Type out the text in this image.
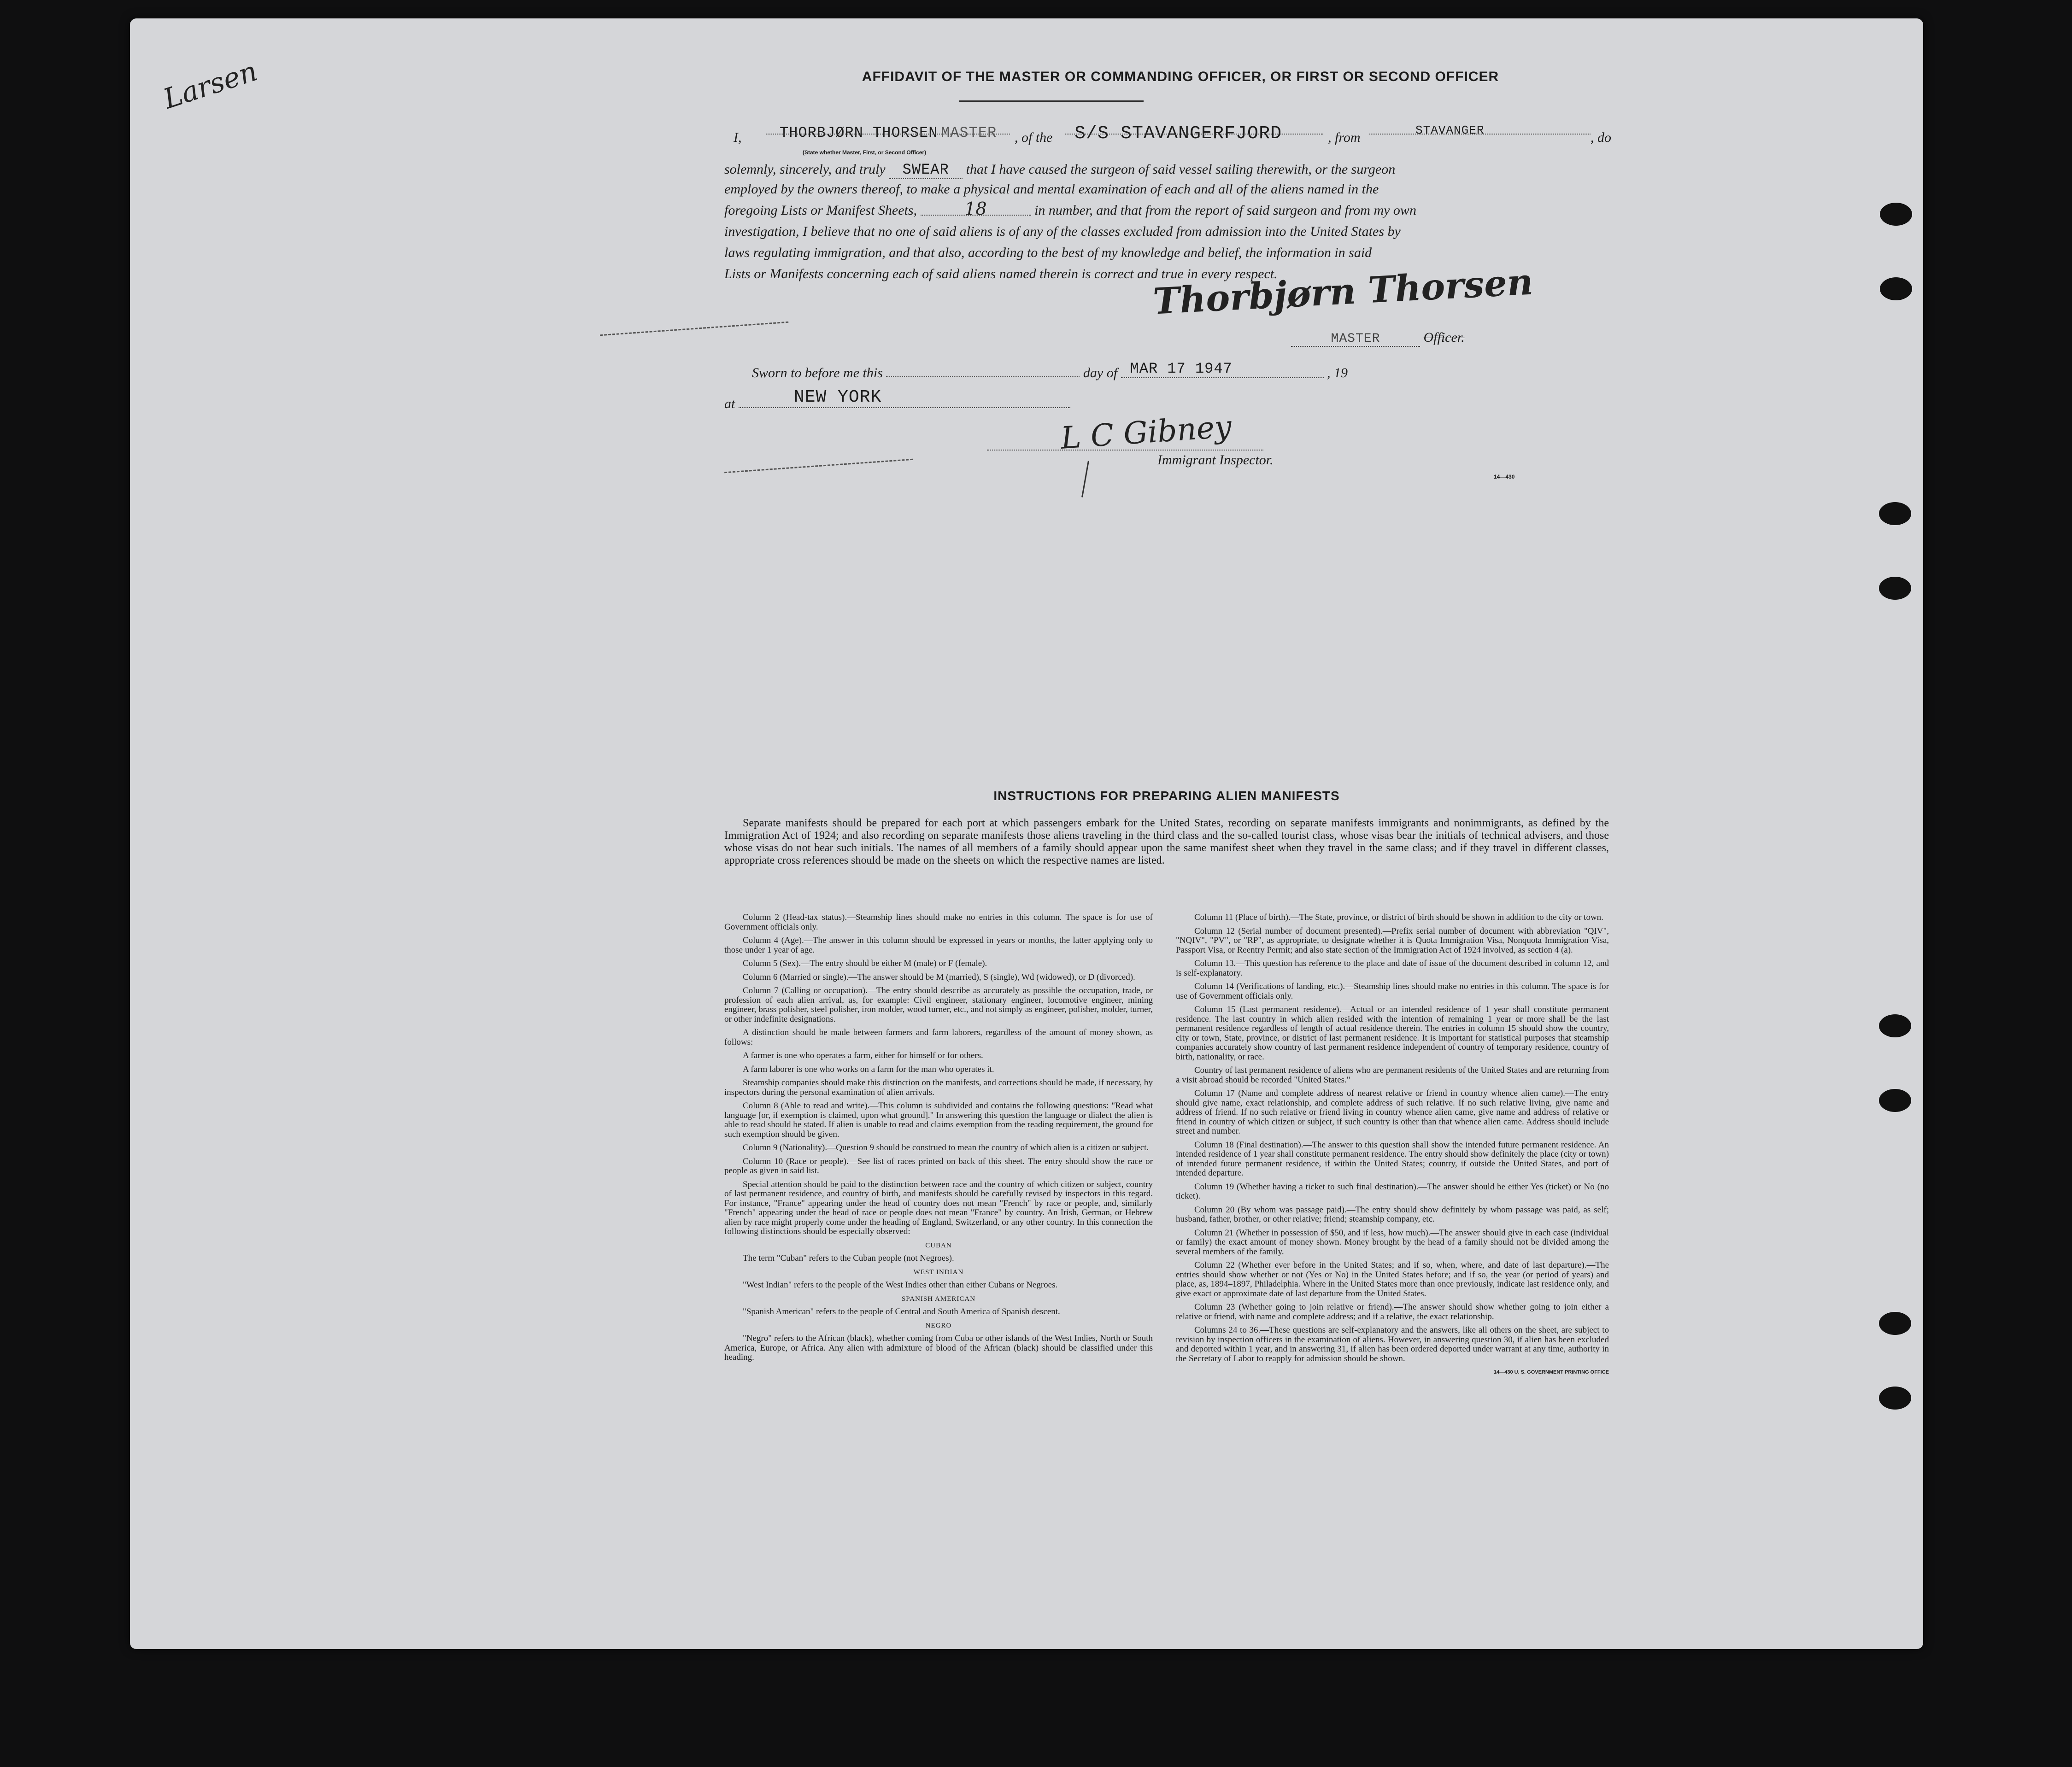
Larsen	AFFIDAVIT OF THE MASTER OR COMMANDING OFFICER, OR FIRST OR SECOND OFFICER
I,	THORBJØRN THORSEN MASTER , of the S/S STAVANGERFJORD	, from	STAVANGER	, do
(State whether Master, First, or Second Officer)
solemnly, sincerely, and truly SWEAR that I have caused the surgeon of said vessel sailing therewith, or the surgeon
employed by the owners thereof, to make a physical and mental examination of each and all of the aliens named in the
foregoing Lists or Manifest Sheets,	18	in number, and that from the report of said surgeon and from my own
investigation, I believe that no one of said aliens is of any of the classes excluded from admission into the United States by
laws regulating immigration, and that also, according to the best of my knowledge and belief, the information in said
Lists or Manifests concerning each of said aliens named therein is correct and true in every respect.
Thorbjørn Thorsen
MASTER	Officer.
Sworn to before me this	day of MAR 17 1947	, 19
at	NEW YORK
L C Gibney
Immigrant Inspector.
14—430
INSTRUCTIONS FOR PREPARING ALIEN MANIFESTS
Separate manifests should be prepared for each port at which passengers embark for the United States, recording on separate manifests immigrants and nonimmigrants, as defined by the Immigration Act of 1924; and also recording on separate manifests those aliens traveling in the third class and the so-called tourist class, whose visas bear the initials of technical advisers, and those whose visas do not bear such initials. The names of all members of a family should appear upon the same manifest sheet when they travel in the same class; and if they travel in different classes, appropriate cross references should be made on the sheets on which the respective names are listed.

Column 2 (Head-tax status).—Steamship lines should make no entries in this column. The space is for use of Government officials only.

Column 4 (Age).—The answer in this column should be expressed in years or months, the latter applying only to those under 1 year of age.

Column 5 (Sex).—The entry should be either M (male) or F (female).

Column 6 (Married or single).—The answer should be M (married), S (single), Wd (widowed), or D (divorced).

Column 7 (Calling or occupation).—The entry should describe as accurately as possible the occupation, trade, or profession of each alien arrival, as, for example: Civil engineer, stationary engineer, locomotive engineer, mining engineer, brass polisher, steel polisher, iron molder, wood turner, etc., and not simply as engineer, polisher, molder, turner, or other indefinite designations.

A distinction should be made between farmers and farm laborers, regardless of the amount of money shown, as follows:

A farmer is one who operates a farm, either for himself or for others.

A farm laborer is one who works on a farm for the man who operates it.

Steamship companies should make this distinction on the manifests, and corrections should be made, if necessary, by inspectors during the personal examination of alien arrivals.

Column 8 (Able to read and write).—This column is subdivided and contains the following questions: "Read what language [or, if exemption is claimed, upon what ground]." In answering this question the language or dialect the alien is able to read should be stated. If alien is unable to read and claims exemption from the reading requirement, the ground for such exemption should be given.

Column 9 (Nationality).—Question 9 should be construed to mean the country of which alien is a citizen or subject.

Column 10 (Race or people).—See list of races printed on back of this sheet. The entry should show the race or people as given in said list.

Special attention should be paid to the distinction between race and the country of which citizen or subject, country of last permanent residence, and country of birth, and manifests should be carefully revised by inspectors in this regard. For instance, "France" appearing under the head of country does not mean "French" by race or people, and, similarly "French" appearing under the head of race or people does not mean "France" by country. An Irish, German, or Hebrew alien by race might properly come under the heading of England, Switzerland, or any other country. In this connection the following distinctions should be especially observed:

CUBAN

The term "Cuban" refers to the Cuban people (not Negroes).

WEST INDIAN

"West Indian" refers to the people of the West Indies other than either Cubans or Negroes.

SPANISH AMERICAN

"Spanish American" refers to the people of Central and South America of Spanish descent.

NEGRO

"Negro" refers to the African (black), whether coming from Cuba or other islands of the West Indies, North or South America, Europe, or Africa. Any alien with admixture of blood of the African (black) should be classified under this heading.

Column 11 (Place of birth).—The State, province, or district of birth should be shown in addition to the city or town.

Column 12 (Serial number of document presented).—Prefix serial number of document with abbreviation "QIV", "NQIV", "PV", or "RP", as appropriate, to designate whether it is Quota Immigration Visa, Nonquota Immigration Visa, Passport Visa, or Reentry Permit; and also state section of the Immigration Act of 1924 involved, as section 4 (a).

Column 13.—This question has reference to the place and date of issue of the document described in column 12, and is self-explanatory.

Column 14 (Verifications of landing, etc.).—Steamship lines should make no entries in this column. The space is for use of Government officials only.

Column 15 (Last permanent residence).—Actual or an intended residence of 1 year shall constitute permanent residence. The last country in which alien resided with the intention of remaining 1 year or more shall be the last permanent residence regardless of length of actual residence therein. The entries in column 15 should show the country, city or town, State, province, or district of last permanent residence. It is important for statistical purposes that steamship companies accurately show country of last permanent residence independent of country of temporary residence, country of birth, nationality, or race.

Country of last permanent residence of aliens who are permanent residents of the United States and are returning from a visit abroad should be recorded "United States."

Column 17 (Name and complete address of nearest relative or friend in country whence alien came).—The entry should give name, exact relationship, and complete address of such relative. If no such relative living, give name and address of friend. If no such relative or friend living in country whence alien came, give name and address of relative or friend in country of which citizen or subject, if such country is other than that whence alien came. Address should include street and number.

Column 18 (Final destination).—The answer to this question shall show the intended future permanent residence. An intended residence of 1 year shall constitute permanent residence. The entry should show definitely the place (city or town) of intended future permanent residence, if within the United States; country, if outside the United States, and port of intended departure.

Column 19 (Whether having a ticket to such final destination).—The answer should be either Yes (ticket) or No (no ticket).

Column 20 (By whom was passage paid).—The entry should show definitely by whom passage was paid, as self; husband, father, brother, or other relative; friend; steamship company, etc.

Column 21 (Whether in possession of $50, and if less, how much).—The answer should give in each case (individual or family) the exact amount of money shown. Money brought by the head of a family should not be divided among the several members of the family.

Column 22 (Whether ever before in the United States; and if so, when, where, and date of last departure).—The entries should show whether or not (Yes or No) in the United States before; and if so, the year (or period of years) and place, as, 1894–1897, Philadelphia. Where in the United States more than once previously, indicate last residence only, and give exact or approximate date of last departure from the United States.

Column 23 (Whether going to join relative or friend).—The answer should show whether going to join either a relative or friend, with name and complete address; and if a relative, the exact relationship.

Columns 24 to 36.—These questions are self-explanatory and the answers, like all others on the sheet, are subject to revision by inspection officers in the examination of aliens. However, in answering question 30, if alien has been excluded and deported within 1 year, and in answering 31, if alien has been ordered deported under warrant at any time, authority in the Secretary of Labor to reapply for admission should be shown.

14—430 U. S. GOVERNMENT PRINTING OFFICE
